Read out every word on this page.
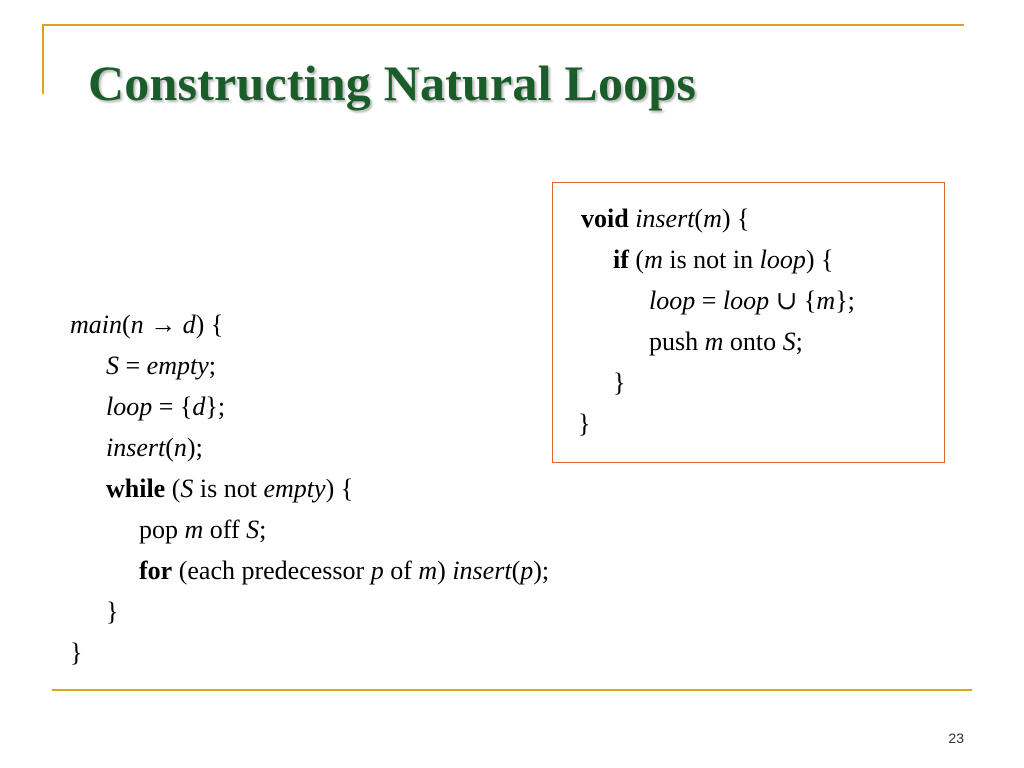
Constructing Natural Loops
void insert(m) {
if (m is not in loop) {
loop = loop ∪ {m};
push m onto S;
}
}
main(n → d) {
S = empty;
loop = {d};
insert(n);
while (S is not empty) {
pop m off S;
for (each predecessor p of m) insert(p);
}
}
23
